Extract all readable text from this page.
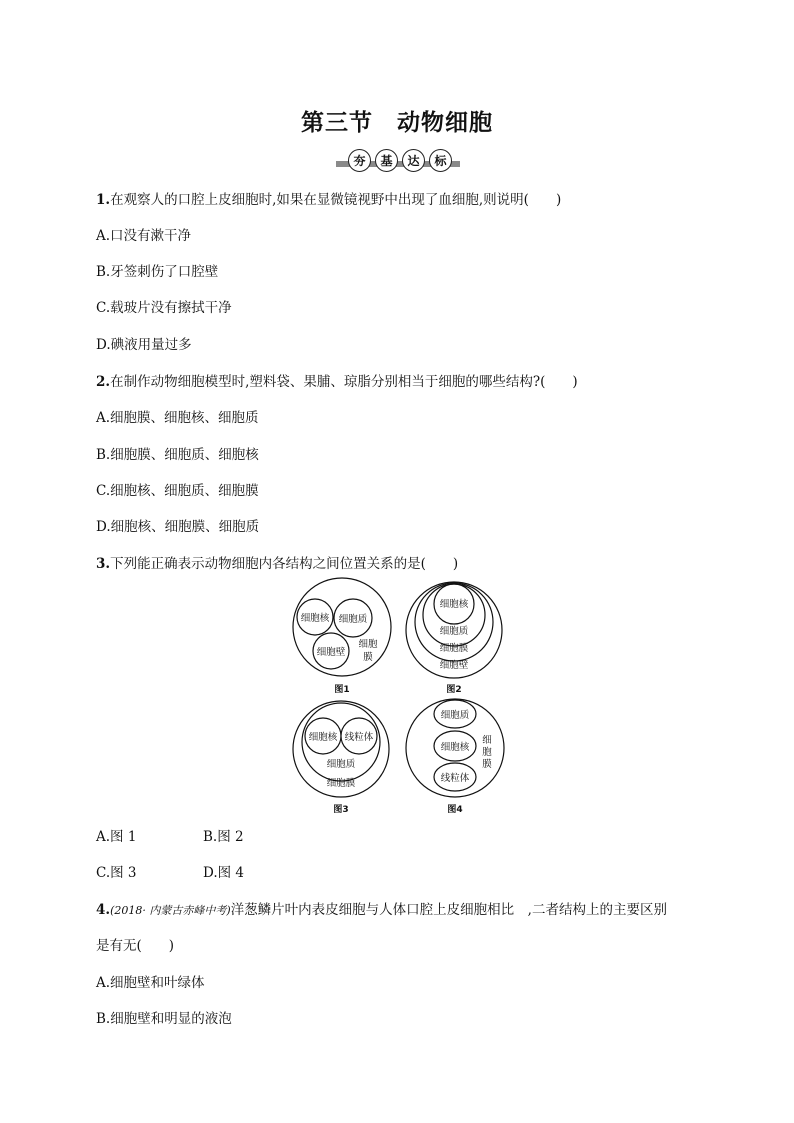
第三节　动物细胞
夯	基	达	标
1.在观察人的口腔上皮细胞时,如果在显微镜视野中出现了血细胞,则说明(　　)
A.口没有漱干净
B.牙签刺伤了口腔壁
C.载玻片没有擦拭干净
D.碘液用量过多
2.在制作动物细胞模型时,塑料袋、果脯、琼脂分别相当于细胞的哪些结构?(　　)
A.细胞膜、细胞核、细胞质
B.细胞膜、细胞质、细胞核
C.细胞核、细胞质、细胞膜
D.细胞核、细胞膜、细胞质
3.下列能正确表示动物细胞内各结构之间位置关系的是(　　)
细胞核 细胞质
细胞壁
细胞
膜
图1
细胞核
细胞质
细胞膜
细胞壁
图2
细胞核 线粒体
细胞质
细胞膜
图3
细胞质
细胞核
线粒体
细
胞
膜
图4
A.图 1	B.图 2
C.图 3	D.图 4
4.(2018· 内蒙古赤峰中考)洋葱鳞片叶内表皮细胞与人体口腔上皮细胞相比　,二者结构上的主要区别
是有无(　　)
A.细胞壁和叶绿体
B.细胞壁和明显的液泡
